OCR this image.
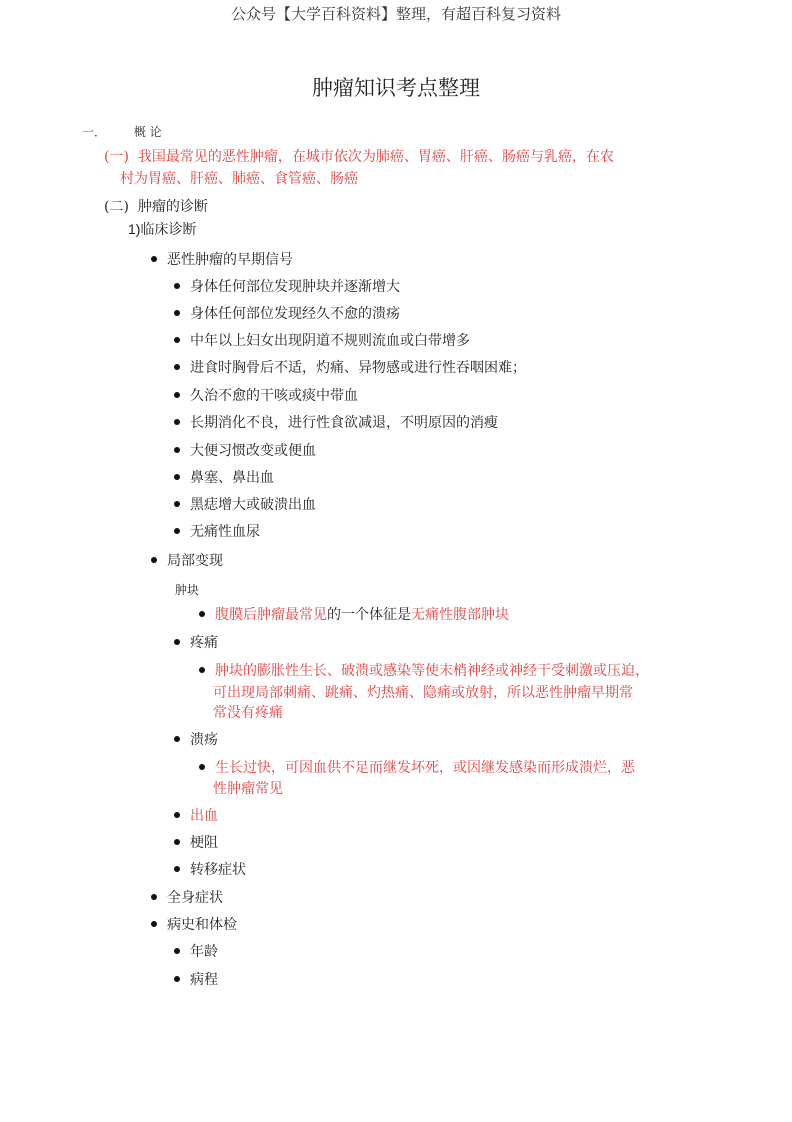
公众号【大学百科资料】整理，有超百科复习资料
肿瘤知识考点整理
一． 概 论
(一) 我国最常见的恶性肿瘤，在城市依次为肺癌、胃癌、肝癌、肠癌与乳癌，在农
村为胃癌、肝癌、肺癌、食管癌、肠癌
(二) 肿瘤的诊断
1)临床诊断
恶性肿瘤的早期信号
身体任何部位发现肿块并逐渐增大
身体任何部位发现经久不愈的溃疡
中年以上妇女出现阴道不规则流血或白带增多
进食时胸骨后不适，灼痛、异物感或进行性吞咽困难；
久治不愈的干咳或痰中带血
长期消化不良，进行性食欲减退，不明原因的消瘦
大便习惯改变或便血
鼻塞、鼻出血
黑痣增大或破溃出血
无痛性血尿
局部变现
肿块
腹膜后肿瘤最常见的一个体征是无痛性腹部肿块
疼痛
肿块的膨胀性生长、破溃或感染等使末梢神经或神经干受刺激或压迫，
可出现局部刺痛、跳痛、灼热痛、隐痛或放射，所以恶性肿瘤早期常
常没有疼痛
溃疡
生长过快，可因血供不足而继发坏死，或因继发感染而形成溃烂，恶
性肿瘤常见
出血
梗阻
转移症状
全身症状
病史和体检
年龄
病程
